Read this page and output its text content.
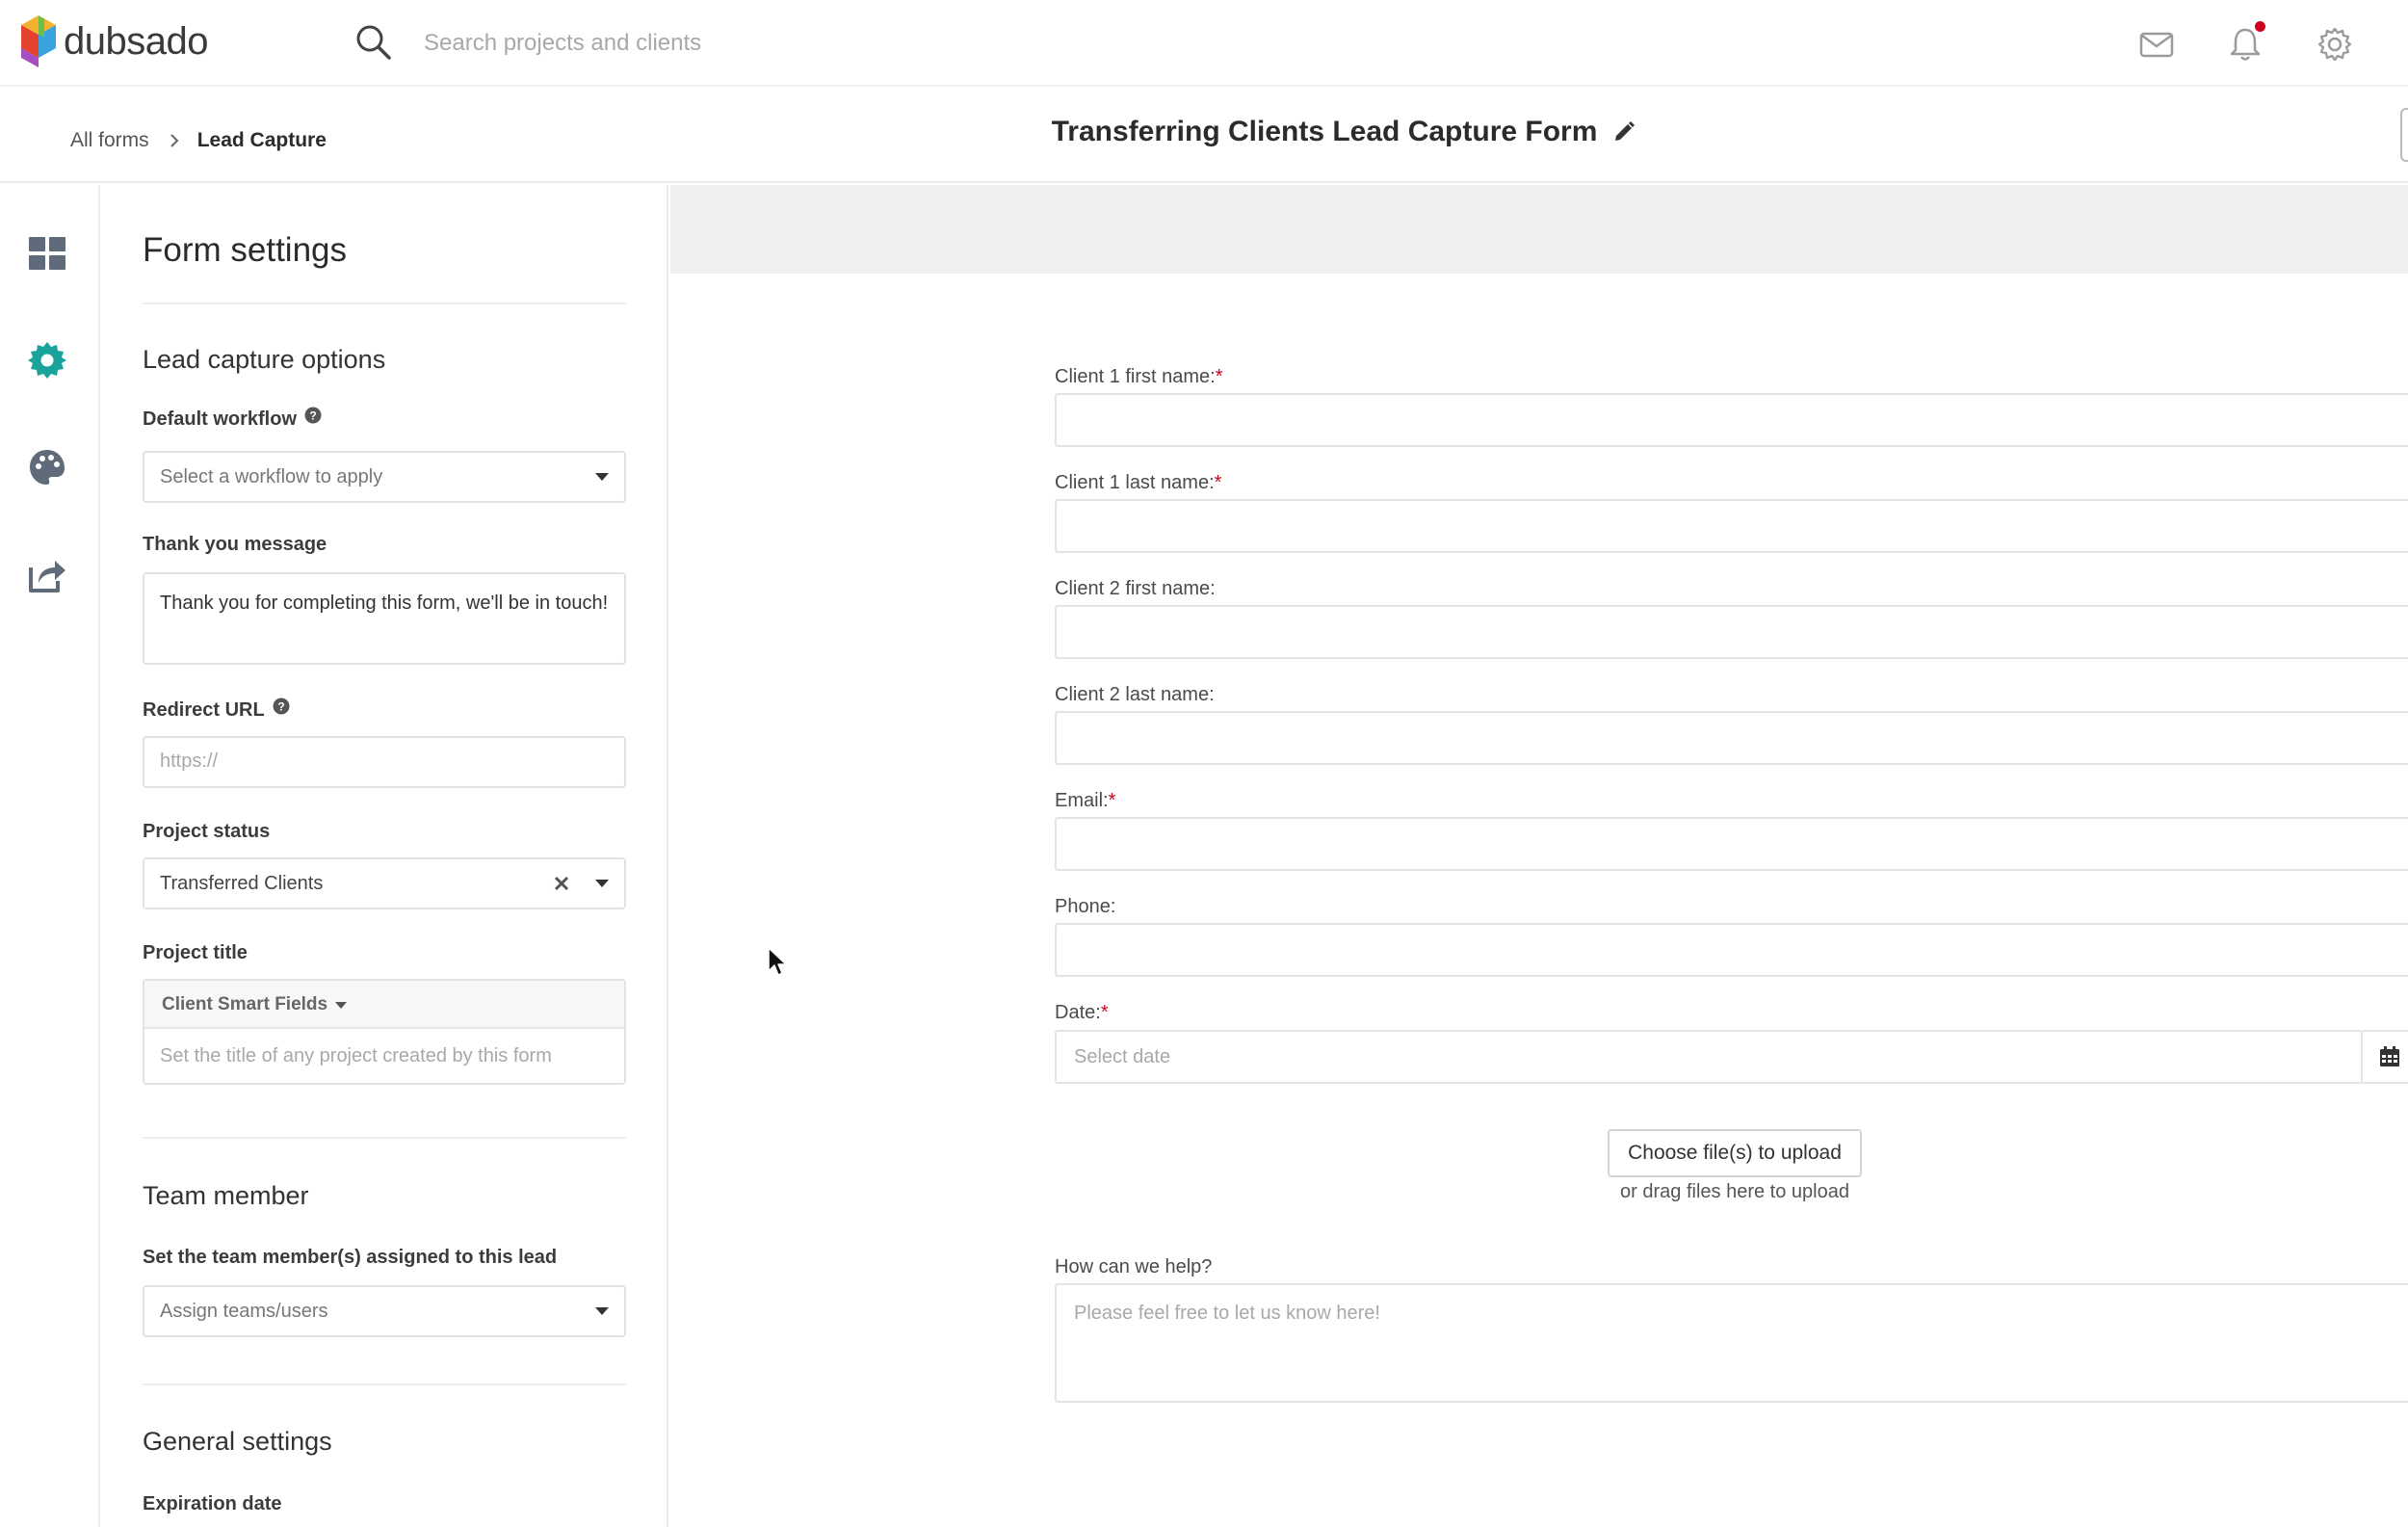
dubsado
Search projects and clients
All forms Lead Capture	Transferring Clients Lead Capture Form
Form settings
Lead capture options
Default workflow ?
Select a workflow to apply
Thank you message
Thank you for completing this form, we'll be in touch!
Redirect URL ?
https://
Project status
Transferred Clients
Project title
Client Smart Fields
Set the title of any project created by this form
Team member
Set the team member(s) assigned to this lead
Assign teams/users
General settings
Expiration date
Client 1 first name:*
Client 1 last name:*
Client 2 first name:
Client 2 last name:
Email:*
Phone:
Date:*
Select date
Choose file(s) to upload
or drag files here to upload
How can we help?
Please feel free to let us know here!
